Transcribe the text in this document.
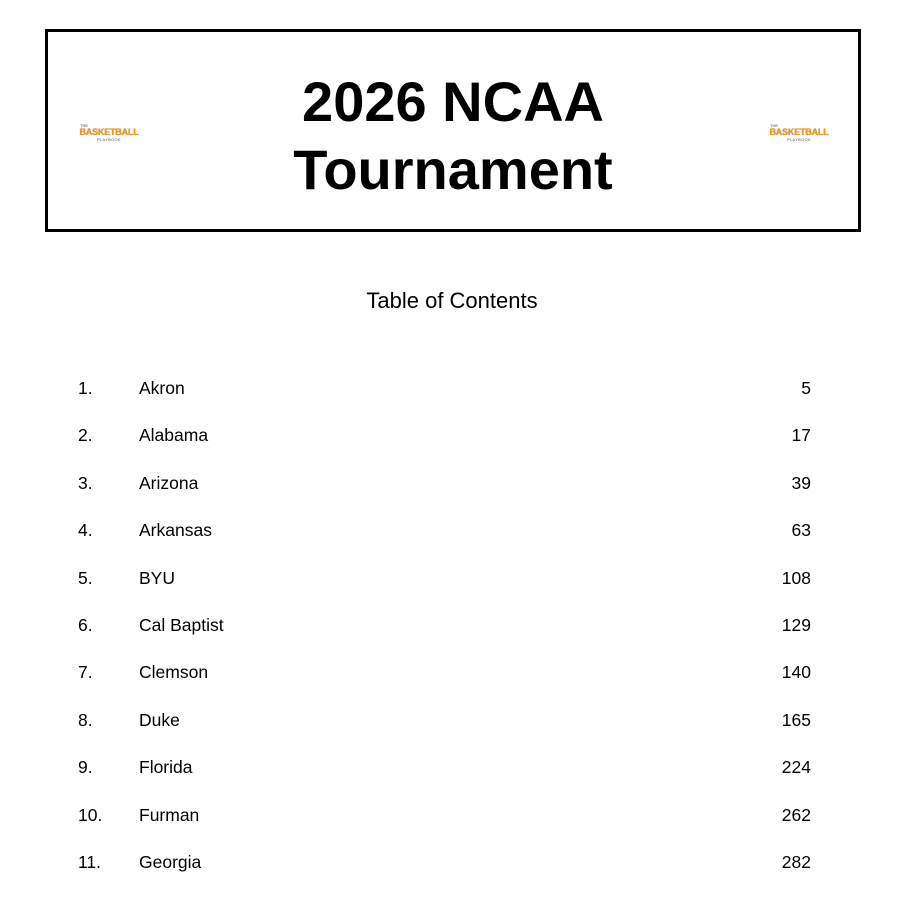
THE
BASKETBALL
PLAYBOOK
2026 NCAA
Tournament
THE
BASKETBALL
PLAYBOOK
Table of Contents
1.	Akron	5
2.	Alabama	17
3.	Arizona	39
4.	Arkansas	63
5.	BYU	108
6.	Cal Baptist	129
7.	Clemson	140
8.	Duke	165
9.	Florida	224
10. Furman	262
11. Georgia	282
